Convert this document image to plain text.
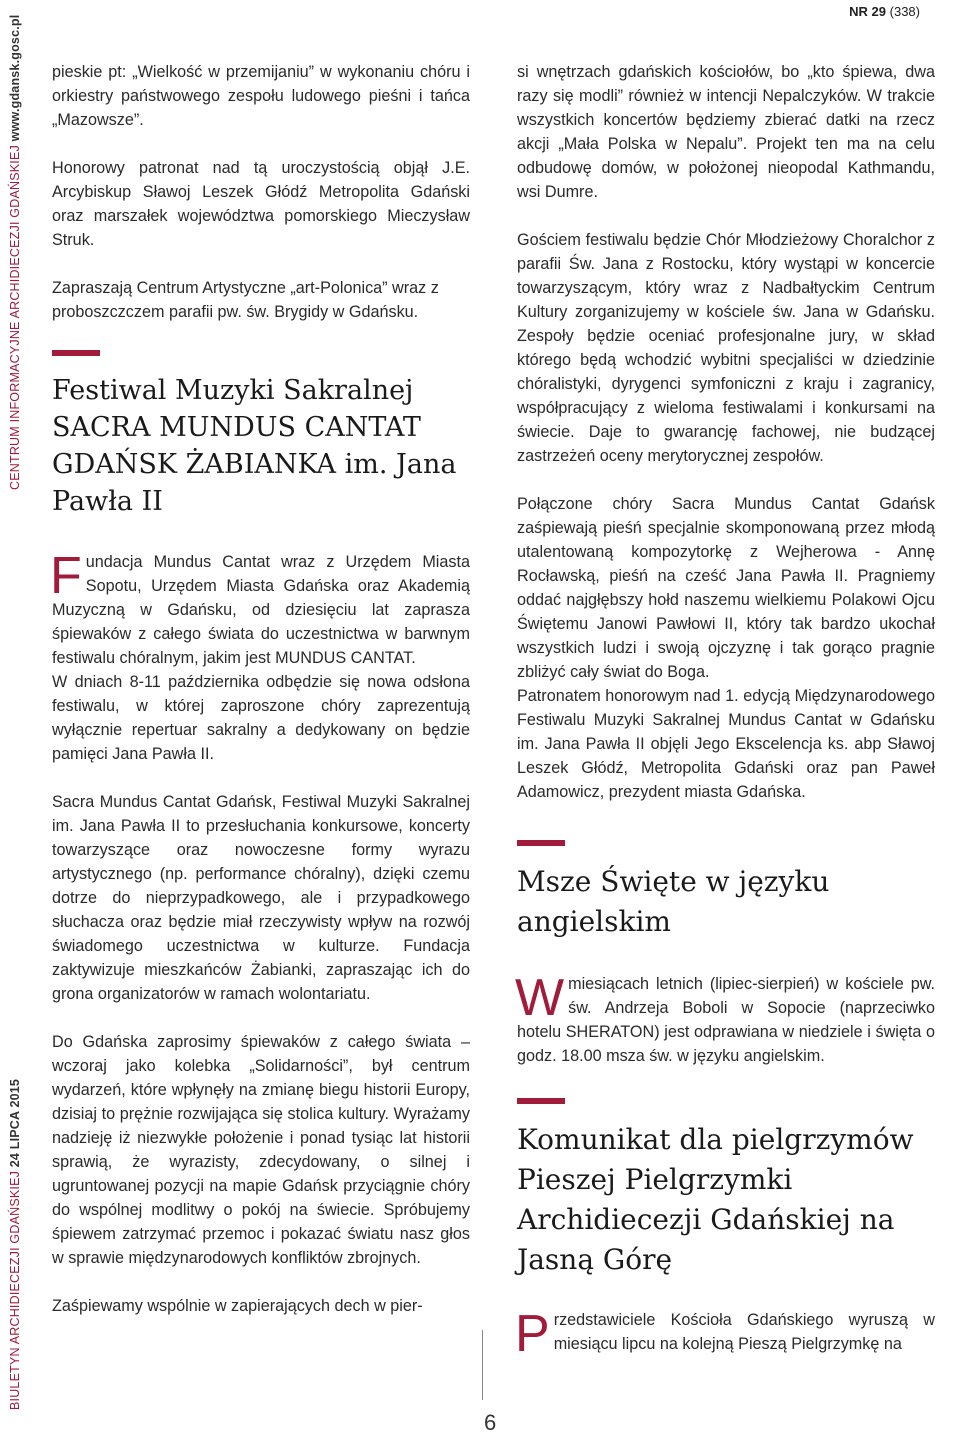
NR 29 (338)
CENTRUM INFORMACYJNE ARCHIDIECEZJI GDAŃSKIEJ www.gdansk.gosc.pl
BIULETYN ARCHIDIECEZJI GDAŃSKIEJ 24 LIPCA 2015

pieskie pt: „Wielkość w przemijaniu” w wykonaniu chóru i orkiestry państwowego zespołu ludowego pieśni i tańca „Mazowsze”.

Honorowy patronat nad tą uroczystością objął J.E. Arcybiskup Sławoj Leszek Głódź Metropolita Gdański oraz marszałek województwa pomorskiego Mieczysław Struk.

Zapraszają Centrum Artystyczne „art-Polonica” wraz z proboszczczem parafii pw. św. Brygidy w Gdańsku.

Festiwal Muzyki Sakralnej SACRA MUNDUS CANTAT GDAŃSK ŻABIANKA im. Jana Pawła II
F undacja Mundus Cantat wraz z Urzędem Miasta Sopotu, Urzędem Miasta Gdańska oraz Akademią Muzyczną w Gdańsku, od dziesięciu lat zaprasza śpiewaków z całego świata do uczestnictwa w barwnym festiwalu chóralnym, jakim jest MUNDUS CANTAT.

W dniach 8-11 października odbędzie się nowa odsłona festiwalu, w której zaproszone chóry zaprezentują wyłącznie repertuar sakralny a dedykowany on będzie pamięci Jana Pawła II.

Sacra Mundus Cantat Gdańsk, Festiwal Muzyki Sakralnej im. Jana Pawła II to przesłuchania konkursowe, koncerty towarzyszące oraz nowoczesne formy wyrazu artystycznego (np. performance chóralny), dzięki czemu dotrze do nieprzypadkowego, ale i przypadkowego słuchacza oraz będzie miał rzeczywisty wpływ na rozwój świadomego uczestnictwa w kulturze. Fundacja zaktywizuje mieszkańców Żabianki, zapraszając ich do grona organizatorów w ramach wolontariatu.

Do Gdańska zaprosimy śpiewaków z całego świata – wczoraj jako kolebka „Solidarności”, był centrum wydarzeń, które wpłynęły na zmianę biegu historii Europy, dzisiaj to prężnie rozwijająca się stolica kultury. Wyrażamy nadzieję iż niezwykłe położenie i ponad tysiąc lat historii sprawią, że wyrazisty, zdecydowany, o silnej i ugruntowanej pozycji na mapie Gdańsk przyciągnie chóry do wspólnej modlitwy o pokój na świecie. Spróbujemy śpiewem zatrzymać przemoc i pokazać światu nasz głos w sprawie międzynarodowych konfliktów zbrojnych.

Zaśpiewamy wspólnie w zapierających dech w pier-

si wnętrzach gdańskich kościołów, bo „kto śpiewa, dwa razy się modli” również w intencji Nepalczyków. W trakcie wszystkich koncertów będziemy zbierać datki na rzecz akcji „Mała Polska w Nepalu”. Projekt ten ma na celu odbudowę domów, w położonej nieopodal Kathmandu, wsi Dumre.

Gościem festiwalu będzie Chór Młodzieżowy Choralchor z parafii Św. Jana z Rostocku, który wystąpi w koncercie towarzyszącym, który wraz z Nadbałtyckim Centrum Kultury zorganizujemy w kościele św. Jana w Gdańsku. Zespoły będzie oceniać profesjonalne jury, w skład którego będą wchodzić wybitni specjaliści w dziedzinie chóralistyki, dyrygenci symfoniczni z kraju i zagranicy, współpracujący z wieloma festiwalami i konkursami na świecie. Daje to gwarancję fachowej, nie budzącej zastrzeżeń oceny merytorycznej zespołów.

Połączone chóry Sacra Mundus Cantat Gdańsk zaśpiewają pieśń specjalnie skomponowaną przez młodą utalentowaną kompozytorkę z Wejherowa - Annę Rocławską, pieśń na cześć Jana Pawła II. Pragniemy oddać najgłębszy hołd naszemu wielkiemu Polakowi Ojcu Świętemu Janowi Pawłowi II, który tak bardzo ukochał wszystkich ludzi i swoją ojczyznę i tak gorąco pragnie zbliżyć cały świat do Boga.

Patronatem honorowym nad 1. edycją Międzynarodowego Festiwalu Muzyki Sakralnej Mundus Cantat w Gdańsku im. Jana Pawła II objęli Jego Ekscelencja ks. abp Sławoj Leszek Głódź, Metropolita Gdański oraz pan Paweł Adamowicz, prezydent miasta Gdańska.

Msze Święte w języku angielskim
W miesiącach letnich (lipiec-sierpień) w kościele pw. św. Andrzeja Boboli w Sopocie (naprzeciwko hotelu SHERATON) jest odprawiana w niedziele i święta o godz. 18.00 msza św. w języku angielskim.

Komunikat dla pielgrzymów Pieszej Pielgrzymki Archidiecezji Gdańskiej na Jasną Górę
P rzedstawiciele Kościoła Gdańskiego wyruszą w miesiącu lipcu na kolejną Pieszą Pielgrzymkę na

6
